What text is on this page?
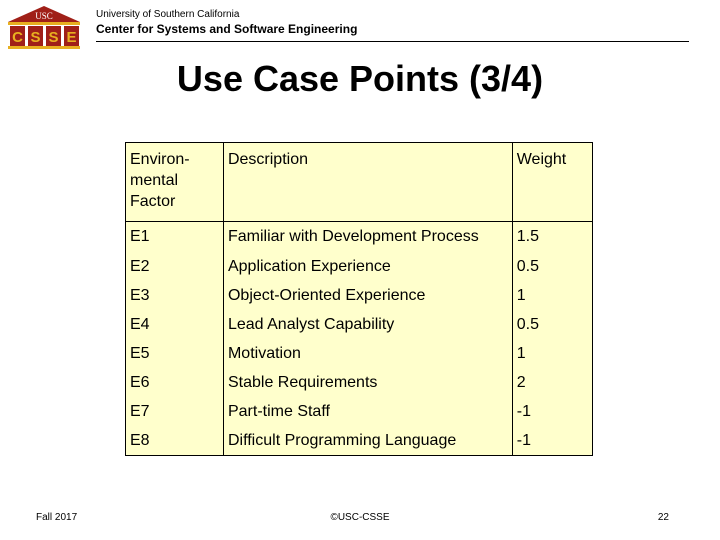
USC
C S S E
University of Southern California
Center for Systems and Software Engineering
Use Case Points (3/4)
Environ-
mental
Factor	Description	Weight
E1	Familiar with Development Process	1.5
E2	Application Experience	0.5
E3	Object-Oriented Experience	1
E4	Lead Analyst Capability	0.5
E5	Motivation	1
E6	Stable Requirements	2
E7	Part-time Staff	-1
E8	Difficult Programming Language	-1
Fall 2017	©USC-CSSE	22
